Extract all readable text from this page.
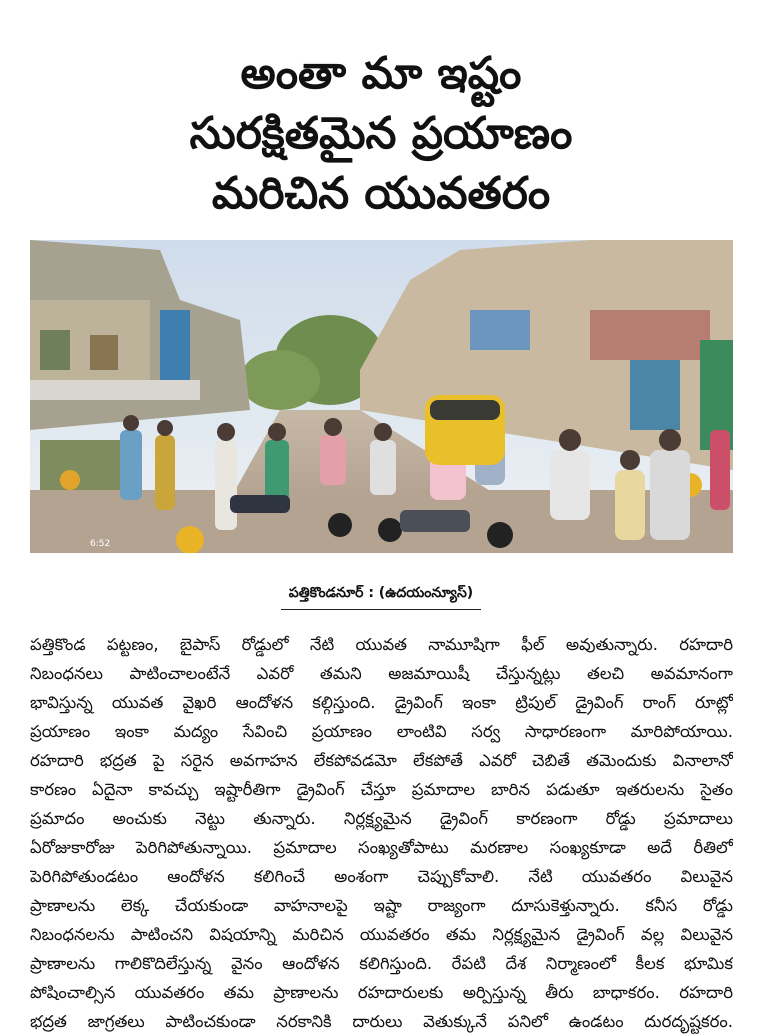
అంతా మా ఇష్టం
సురక్షితమైన ప్రయాణం
మరిచిన యువతరం
6:52
పత్తికొండనూర్ : (ఉదయంన్యూస్)
పత్తికొండ పట్టణం, బైపాస్ రోడ్డులో నేటి యువత నామూషిగా ఫీల్ అవుతున్నారు. రహదారి
నిబంధనలు పాటించాలంటేనే ఎవరో తమని అజమాయిషీ చేస్తున్నట్లు తలచి అవమానంగా
భావిస్తున్న యువత వైఖరి ఆందోళన కల్గిస్తుంది. డ్రైవింగ్ ఇంకా ట్రిపుల్ డ్రైవింగ్ రాంగ్ రూట్లో
ప్రయాణం ఇంకా మద్యం సేవించి ప్రయాణం లాంటివి సర్వ సాధారణంగా మారిపోయాయి.
రహదారి భద్రత పై సరైన అవగాహన లేకపోవడమో లేకపోతే ఎవరో చెబితే తమెందుకు వినాలానో
కారణం ఏదైనా కావచ్చు ఇష్టారీతిగా డ్రైవింగ్ చేస్తూ ప్రమాదాల బారిన పడుతూ ఇతరులను సైతం
ప్రమాదం అంచుకు నెట్టు తున్నారు. నిర్లక్ష్యమైన డ్రైవింగ్ కారణంగా రోడ్డు ప్రమాదాలు
ఏరోజుకారోజు పెరిగిపోతున్నాయి. ప్రమాదాల సంఖ్యతోపాటు మరణాల సంఖ్యకూడా అదే రీతిలో
పెరిగిపోతుండటం ఆందోళన కలిగించే అంశంగా చెప్పుకోవాలి. నేటి యువతరం విలువైన
ప్రాణాలను లెక్క చేయకుండా వాహనాలపై ఇష్టా రాజ్యంగా దూసుకెళ్తున్నారు. కనీస రోడ్డు
నిబంధనలను పాటించని విషయాన్ని మరిచిన యువతరం తమ నిర్లక్ష్యమైన డ్రైవింగ్ వల్ల విలువైన
ప్రాణాలను గాలికొదిలేస్తున్న వైనం ఆందోళన కలిగిస్తుంది. రేపటి దేశ నిర్మాణంలో కీలక భూమిక
పోషించాల్సిన యువతరం తమ ప్రాణాలను రహదారులకు అర్పిస్తున్న తీరు బాధాకరం. రహదారి
భద్రత జాగ్రతలు పాటించకుండా నరకానికి దారులు వెతుక్కునే పనిలో ఉండటం దురదృష్టకరం.
